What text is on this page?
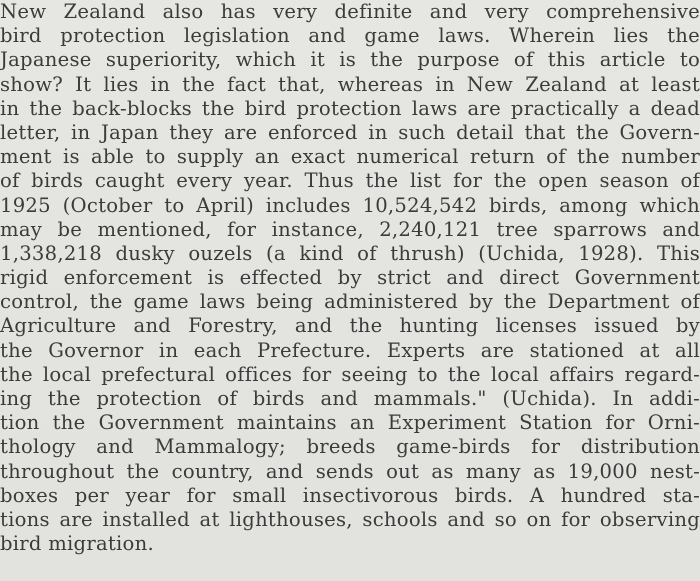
New Zealand also has very definite and very comprehensive
bird protection legislation and game laws. Wherein lies the
Japanese superiority, which it is the purpose of this article to
show? It lies in the fact that, whereas in New Zealand at least
in the back-blocks the bird protection laws are practically a dead
letter, in Japan they are enforced in such detail that the Govern-
ment is able to supply an exact numerical return of the number
of birds caught every year. Thus the list for the open season of
1925 (October to April) includes 10,524,542 birds, among which
may be mentioned, for instance, 2,240,121 tree sparrows and
1,338,218 dusky ouzels (a kind of thrush) (Uchida, 1928). This
rigid enforcement is effected by strict and direct Government
control, the game laws being administered by the Department of
Agriculture and Forestry, and the hunting licenses issued by
the Governor in each Prefecture. Experts are stationed at all
the local prefectural offices for seeing to the local affairs regard-
ing the protection of birds and mammals." (Uchida). In addi-
tion the Government maintains an Experiment Station for Orni-
thology and Mammalogy; breeds game-birds for distribution
throughout the country, and sends out as many as 19,000 nest-
boxes per year for small insectivorous birds. A hundred sta-
tions are installed at lighthouses, schools and so on for observing
bird migration.
